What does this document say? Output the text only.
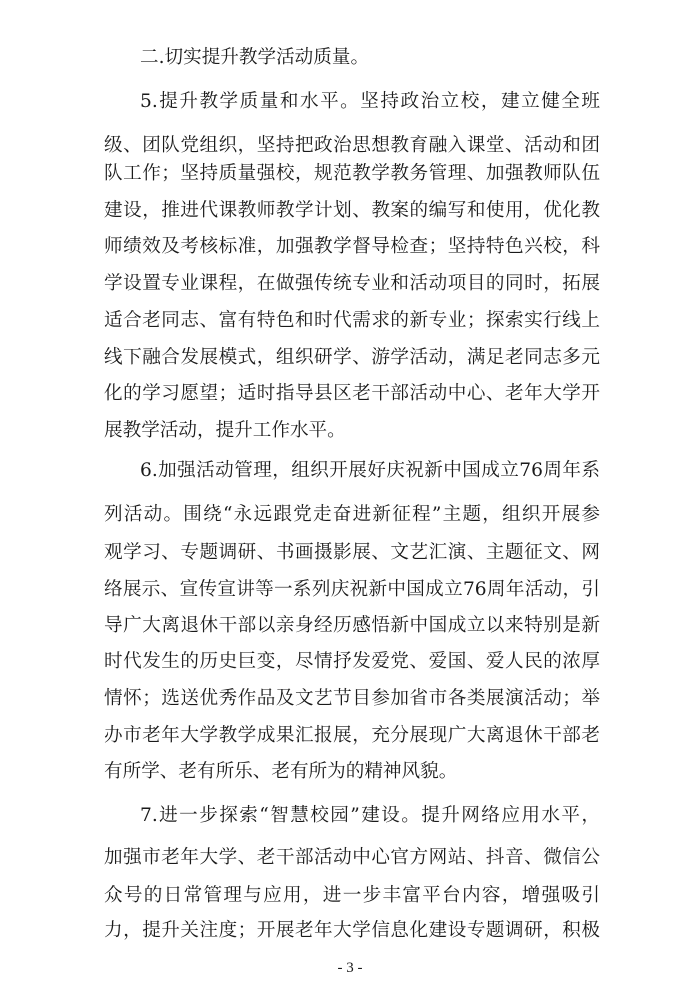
二.切实提升教学活动质量。
5.提升教学质量和水平。坚持政治立校，建立健全班
级、团队党组织，坚持把政治思想教育融入课堂、活动和团
队工作；坚持质量强校，规范教学教务管理、加强教师队伍
建设，推进代课教师教学计划、教案的编写和使用，优化教
师绩效及考核标准，加强教学督导检查；坚持特色兴校，科
学设置专业课程，在做强传统专业和活动项目的同时，拓展
适合老同志、富有特色和时代需求的新专业；探索实行线上
线下融合发展模式，组织研学、游学活动，满足老同志多元
化的学习愿望；适时指导县区老干部活动中心、老年大学开
展教学活动，提升工作水平。
6.加强活动管理，组织开展好庆祝新中国成立76周年系
列活动。围绕“永远跟党走奋进新征程”主题，组织开展参
观学习、专题调研、书画摄影展、文艺汇演、主题征文、网
络展示、宣传宣讲等一系列庆祝新中国成立76周年活动，引
导广大离退休干部以亲身经历感悟新中国成立以来特别是新
时代发生的历史巨变，尽情抒发爱党、爱国、爱人民的浓厚
情怀；选送优秀作品及文艺节目参加省市各类展演活动；举
办市老年大学教学成果汇报展，充分展现广大离退休干部老
有所学、老有所乐、老有所为的精神风貌。
7.进一步探索“智慧校园”建设。提升网络应用水平，
加强市老年大学、老干部活动中心官方网站、抖音、微信公
众号的日常管理与应用，进一步丰富平台内容，增强吸引
力，提升关注度；开展老年大学信息化建设专题调研，积极
- 3 -
